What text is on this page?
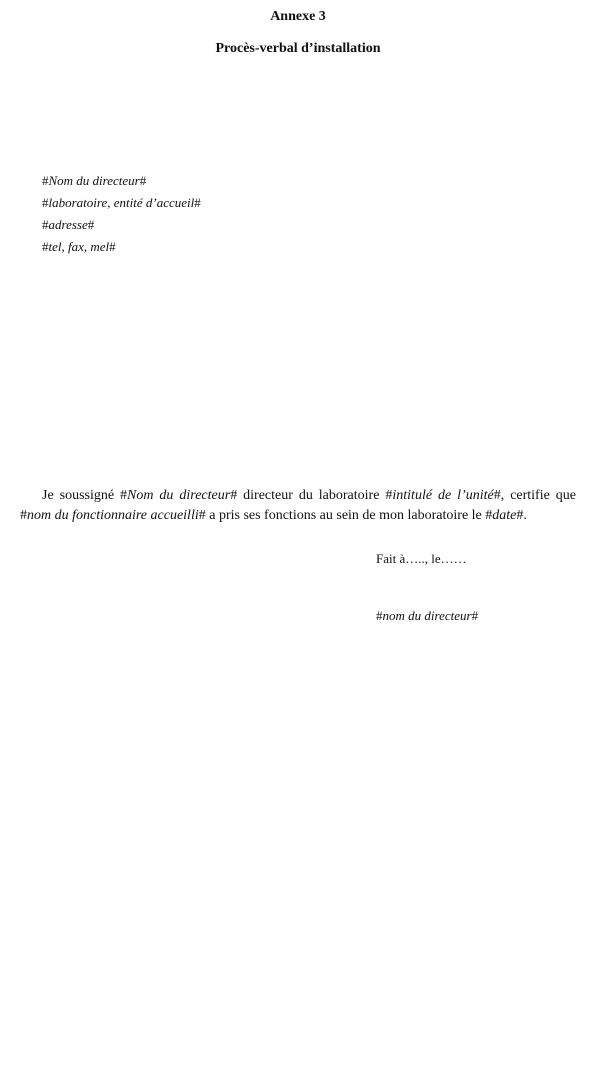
Annexe 3
Procès-verbal d’installation
#Nom du directeur#
#laboratoire, entité d’accueil#
#adresse#
#tel, fax, mel#

Je soussigné #Nom du directeur# directeur du laboratoire #intitulé de l’unité#, certifie que #nom du fonctionnaire accueilli# a pris ses fonctions au sein de mon laboratoire le #date#.

Fait à….., le……
#nom du directeur#
